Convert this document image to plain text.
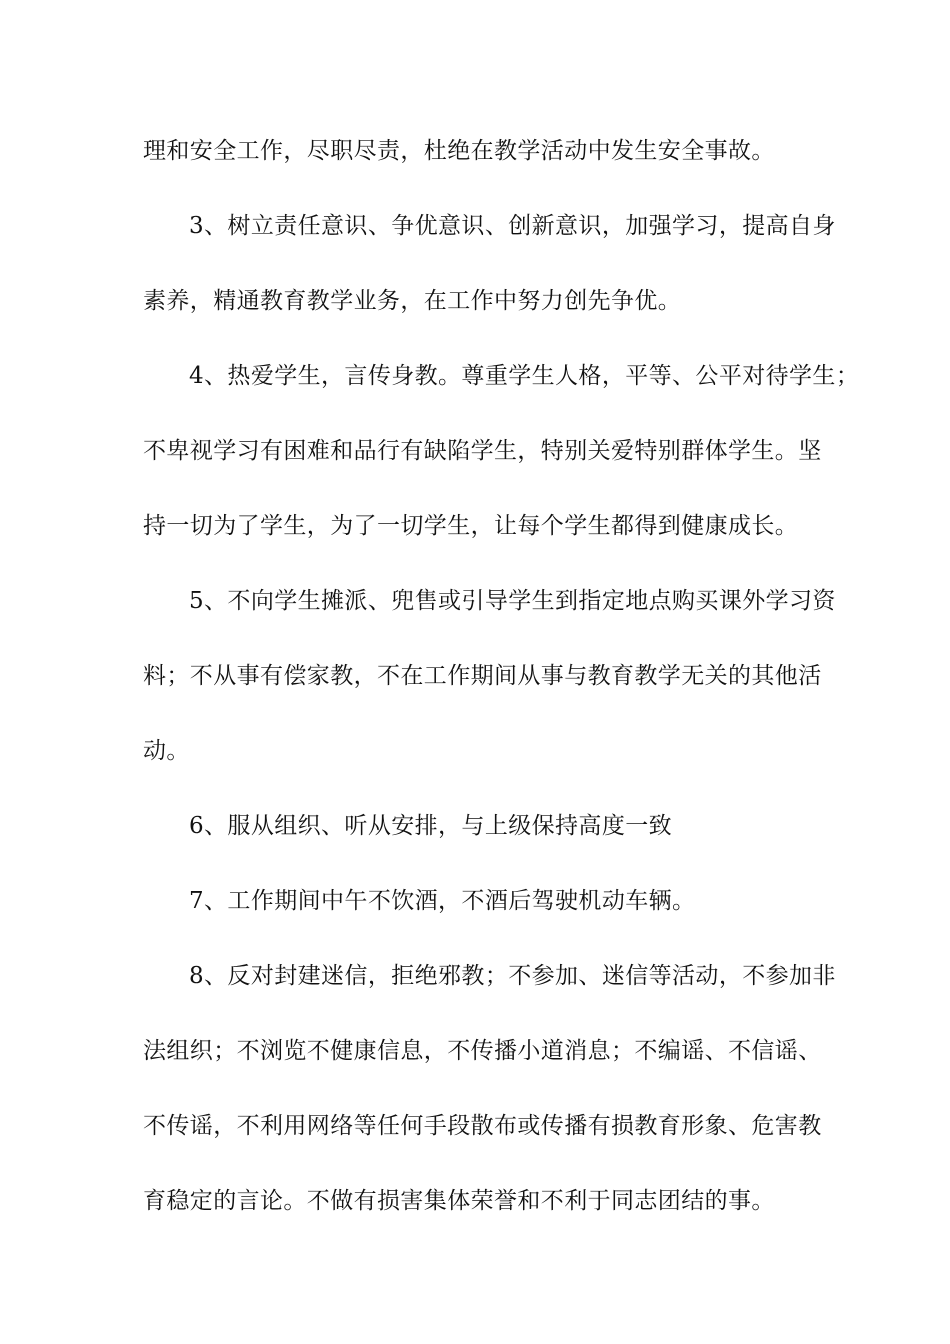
理和安全工作，尽职尽责，杜绝在教学活动中发生安全事故。
3、树立责任意识、争优意识、创新意识，加强学习，提高自身
素养，精通教育教学业务，在工作中努力创先争优。
4、热爱学生，言传身教。尊重学生人格，平等、公平对待学生；
不卑视学习有困难和品行有缺陷学生，特别关爱特别群体学生。坚
持一切为了学生，为了一切学生，让每个学生都得到健康成长。
5、不向学生摊派、兜售或引导学生到指定地点购买课外学习资
料；不从事有偿家教，不在工作期间从事与教育教学无关的其他活
动。
6、服从组织、听从安排，与上级保持高度一致
7、工作期间中午不饮酒，不酒后驾驶机动车辆。
8、反对封建迷信，拒绝邪教；不参加、迷信等活动，不参加非
法组织；不浏览不健康信息，不传播小道消息；不编谣、不信谣、
不传谣，不利用网络等任何手段散布或传播有损教育形象、危害教
育稳定的言论。不做有损害集体荣誉和不利于同志团结的事。
